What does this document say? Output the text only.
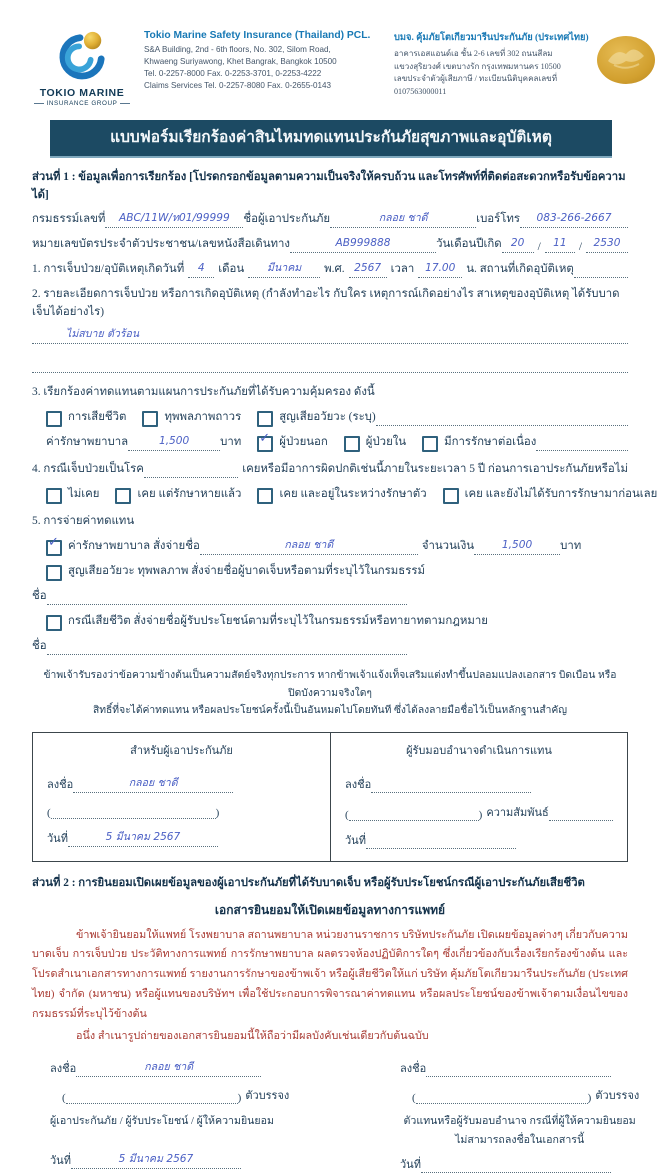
TOKIO MARINE
INSURANCE GROUP
Tokio Marine Safety Insurance (Thailand) PCL.
S&A Building, 2nd - 6th floors, No. 302, Silom Road,
Khwaeng Suriyawong, Khet Bangrak, Bangkok 10500
Tel. 0-2257-8000 Fax. 0-2253-3701, 0-2253-4222
Claims Services Tel. 0-2257-8080 Fax. 0-2655-0143
บมจ. คุ้มภัยโตเกียวมารีนประกันภัย (ประเทศไทย)
อาคารเอสแอนด์เอ ชั้น 2-6 เลขที่ 302 ถนนสีลม
แขวงสุริยวงศ์ เขตบางรัก กรุงเทพมหานคร 10500
เลขประจำตัวผู้เสียภาษี / ทะเบียนนิติบุคคลเลขที่ 0107563000011
แบบฟอร์มเรียกร้องค่าสินไหมทดแทนประกันภัยสุขภาพและอุบัติเหตุ
ส่วนที่ 1 : ข้อมูลเพื่อการเรียกร้อง [โปรดกรอกข้อมูลตามความเป็นจริงให้ครบถ้วน และโทรศัพท์ที่ติดต่อสะดวกหรือรับข้อความได้]
กรมธรรม์เลขที่	ABC/11W/ท01/99999	ชื่อผู้เอาประกันภัย	กลอย ชาดี	เบอร์โทร	083-266-2667
หมายเลขบัตรประจำตัวประชาชน/เลขหนังสือเดินทาง	AB999888	วันเดือนปีเกิด 20	/	11	/	2530
1. การเจ็บป่วย/อุบัติเหตุเกิดวันที่	4	เดือน	มีนาคม	พ.ศ. 2567 เวลา	17.00 น. สถานที่เกิดอุบัติเหตุ
2. รายละเอียดการเจ็บป่วย หรือการเกิดอุบัติเหตุ (กำลังทำอะไร กับใคร เหตุการณ์เกิดอย่างไร สาเหตุของอุบัติเหตุ ได้รับบาดเจ็บได้อย่างไร)
ไม่สบาย ตัวร้อน
3. เรียกร้องค่าทดแทนตามแผนการประกันภัยที่ได้รับความคุ้มครอง ดังนี้
การเสียชีวิต	ทุพพลภาพถาวร	สูญเสียอวัยวะ (ระบุ)
ค่ารักษาพยาบาล	1,500	บาท ✓ ผู้ป่วยนอก	ผู้ป่วยใน	มีการรักษาต่อเนื่อง
4. กรณีเจ็บป่วยเป็นโรค	เคยหรือมีอาการผิดปกติเช่นนี้ภายในระยะเวลา 5 ปี ก่อนการเอาประกันภัยหรือไม่
ไม่เคย	เคย แต่รักษาหายแล้ว	เคย และอยู่ในระหว่างรักษาตัว	เคย และยังไม่ได้รับการรักษามาก่อนเลย
5. การจ่ายค่าทดแทน
✓ ค่ารักษาพยาบาล สั่งจ่ายชื่อ	กลอย ชาดี	จำนวนเงิน	1,500	บาท
สูญเสียอวัยวะ ทุพพลภาพ สั่งจ่ายชื่อผู้บาดเจ็บหรือตามที่ระบุไว้ในกรมธรรม์
ชื่อ
กรณีเสียชีวิต สั่งจ่ายชื่อผู้รับประโยชน์ตามที่ระบุไว้ในกรมธรรม์หรือทายาทตามกฎหมาย
ชื่อ
ข้าพเจ้ารับรองว่าข้อความข้างต้นเป็นความสัตย์จริงทุกประการ หากข้าพเจ้าแจ้งเท็จเสริมแต่งทำขึ้นปลอมแปลงเอกสาร บิดเบือน หรือปิดบังความจริงใดๆ
สิทธิ์ที่จะได้ค่าทดแทน หรือผลประโยชน์ครั้งนี้เป็นอันหมดไปโดยทันที ซึ่งได้ลงลายมือชื่อไว้เป็นหลักฐานสำคัญ
สำหรับผู้เอาประกันภัย
ลงชื่อ	กลอย ชาดี
(	)
วันที่	5 มีนาคม 2567
ผู้รับมอบอำนาจดำเนินการแทน
ลงชื่อ
(	) ความสัมพันธ์
วันที่
ส่วนที่ 2 : การยินยอมเปิดเผยข้อมูลของผู้เอาประกันภัยที่ได้รับบาดเจ็บ หรือผู้รับประโยชน์กรณีผู้เอาประกันภัยเสียชีวิต
เอกสารยินยอมให้เปิดเผยข้อมูลทางการแพทย์
ข้าพเจ้ายินยอมให้แพทย์ โรงพยาบาล สถานพยาบาล หน่วยงานราชการ บริษัทประกันภัย เปิดเผยข้อมูลต่างๆ เกี่ยวกับความบาดเจ็บ การเจ็บป่วย ประวัติทางการแพทย์ การรักษาพยาบาล ผลตรวจห้องปฏิบัติการใดๆ ซึ่งเกี่ยวข้องกับเรื่องเรียกร้องข้างต้น และ โปรดสำเนาเอกสารทางการแพทย์ รายงานการรักษาของข้าพเจ้า หรือผู้เสียชีวิตให้แก่ บริษัท คุ้มภัยโตเกียวมารีนประกันภัย (ประเทศ ไทย) จำกัด (มหาชน) หรือผู้แทนของบริษัทฯ เพื่อใช้ประกอบการพิจารณาค่าทดแทน หรือผลประโยชน์ของข้าพเจ้าตามเงื่อนไขของ กรมธรรม์ที่ระบุไว้ข้างต้น
อนึ่ง สำเนารูปถ่ายของเอกสารยินยอมนี้ให้ถือว่ามีผลบังคับเช่นเดียวกับต้นฉบับ
ลงชื่อ	กลอย ชาดี
(	) ตัวบรรจง
ผู้เอาประกันภัย / ผู้รับประโยชน์ / ผู้ให้ความยินยอม
วันที่	5 มีนาคม 2567
ลงชื่อ
(	) ตัวบรรจง
ตัวแทนหรือผู้รับมอบอำนาจ กรณีที่ผู้ให้ความยินยอม
ไม่สามารถลงชื่อในเอกสารนี้
วันที่
